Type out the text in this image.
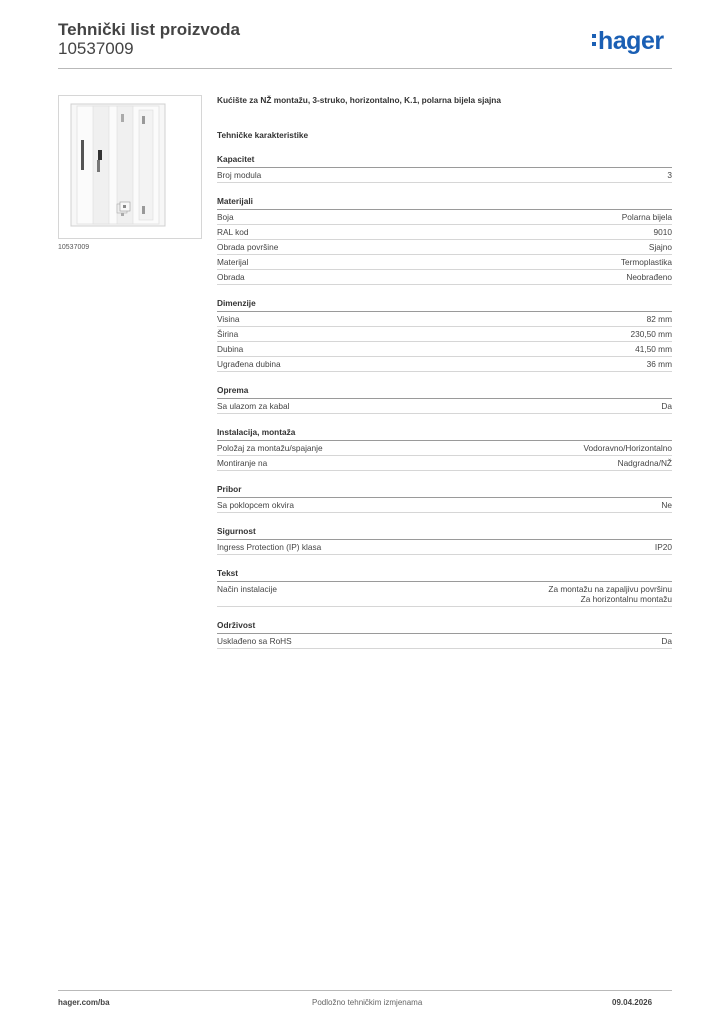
Tehnički list proizvoda
10537009	hager
10537009
Kućište za NŽ montažu, 3-struko, horizontalno, K.1, polarna bijela sjajna
Tehničke karakteristike
Kapacitet
Broj modula	3
Materijali
Boja	Polarna bijela
RAL kod	9010
Obrada površine	Sjajno
Materijal	Termoplastika
Obrada	Neobrađeno
Dimenzije
Visina	82 mm
Širina	230,50 mm
Dubina	41,50 mm
Ugrađena dubina	36 mm
Oprema
Sa ulazom za kabal	Da
Instalacija, montaža
Položaj za montažu/spajanje	Vodoravno/Horizontalno
Montiranje na	Nadgradna/NŽ
Pribor
Sa poklopcem okvira	Ne
Sigurnost
Ingress Protection (IP) klasa	IP20
Tekst
Način instalacije	Za montažu na zapaljivu površinu
Za horizontalnu montažu
Održivost
Usklađeno sa RoHS	Da
hager.com/ba	Podložno tehničkim izmjenama	09.04.2026
